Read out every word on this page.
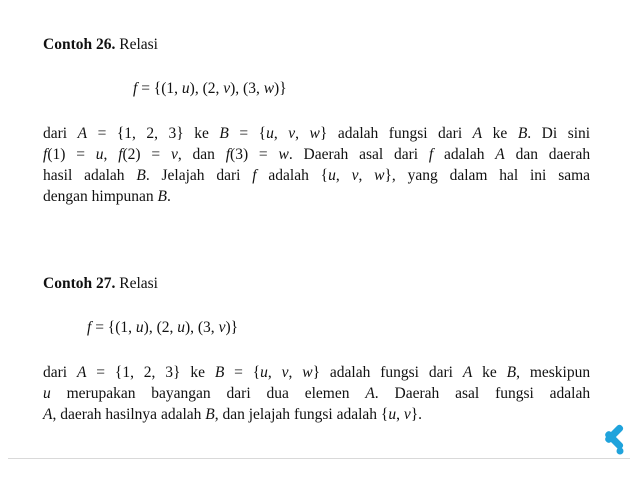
Contoh 26. Relasi
f = {(1, u), (2, v), (3, w)}
dari A = {1, 2, 3} ke B = {u, v, w} adalah fungsi dari A ke B. Di sini
f(1) = u, f(2) = v, dan f(3) = w. Daerah asal dari f adalah A dan daerah
hasil adalah B. Jelajah dari f adalah {u, v, w}, yang dalam hal ini sama
dengan himpunan B.
Contoh 27. Relasi
f = {(1, u), (2, u), (3, v)}
dari A = {1, 2, 3} ke B = {u, v, w} adalah fungsi dari A ke B, meskipun
u merupakan bayangan dari dua elemen A. Daerah asal fungsi adalah
A, daerah hasilnya adalah B, dan jelajah fungsi adalah {u, v}.
